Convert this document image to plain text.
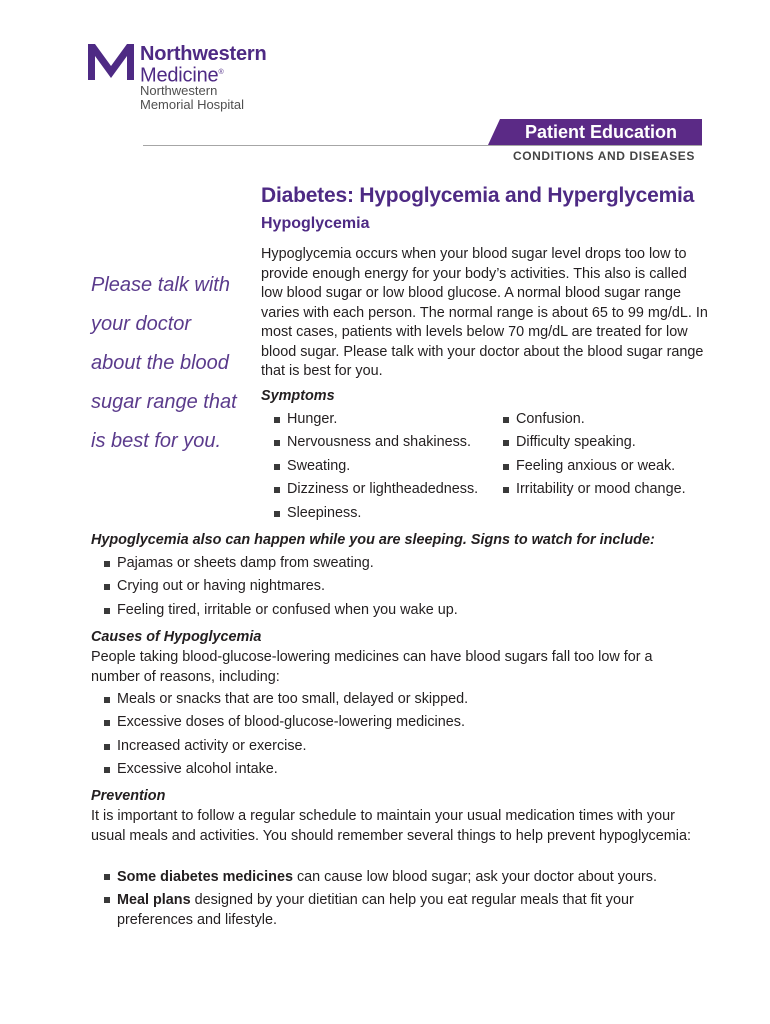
Northwestern
Medicine®
Northwestern
Memorial Hospital
Patient Education
CONDITIONS AND DISEASES
Diabetes: Hypoglycemia and Hyperglycemia
Hypoglycemia

Please talk with
your doctor
about the blood
sugar range that
is best for you.

Hypoglycemia occurs when your blood sugar level drops too low to provide enough energy for your body’s activities. This also is called low blood sugar or low blood glucose. A normal blood sugar range varies with each person. The normal range is about 65 to 99 mg/dL. In most cases, patients with levels below 70 mg/dL are treated for low blood sugar. Please talk with your doctor about the blood sugar range that is best for you.

Symptoms
Hunger.
Nervousness and shakiness.
Sweating.
Dizziness or lightheadedness.
Sleepiness.
Confusion.
Difficulty speaking.
Feeling anxious or weak.
Irritability or mood change.
Hypoglycemia also can happen while you are sleeping. Signs to watch for include:
Pajamas or sheets damp from sweating.
Crying out or having nightmares.
Feeling tired, irritable or confused when you wake up.
Causes of Hypoglycemia

People taking blood-glucose-lowering medicines can have blood sugars fall too low for a number of reasons, including:

Meals or snacks that are too small, delayed or skipped.
Excessive doses of blood-glucose-lowering medicines.
Increased activity or exercise.
Excessive alcohol intake.
Prevention

It is important to follow a regular schedule to maintain your usual medication times with your usual meals and activities. You should remember several things to help prevent hypoglycemia:

Some diabetes medicines can cause low blood sugar; ask your doctor about yours.
Meal plans designed by your dietitian can help you eat regular meals that fit your preferences and lifestyle.
